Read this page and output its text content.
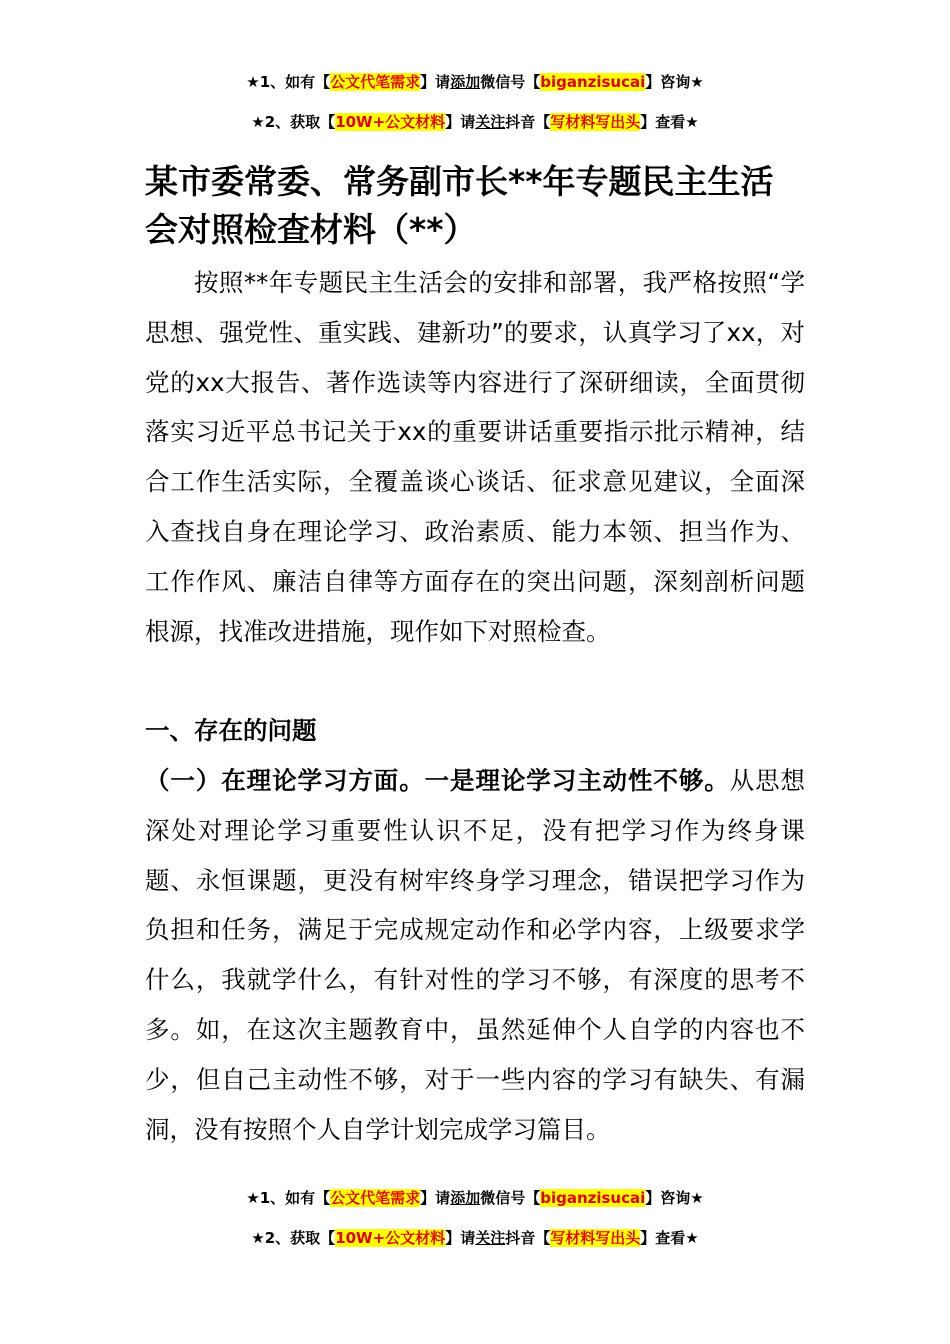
★1、如有【公文代笔需求】请添加微信号【biganzisucai】咨询★
★2、获取【10W+公文材料】请关注抖音【写材料写出头】查看★
某市委常委、常务副市长**年专题民主生活会对照检查材料（**）

按照**年专题民主生活会的安排和部署，我严格按照“学思想、强党性、重实践、建新功”的要求，认真学习了xx，对党的xx大报告、著作选读等内容进行了深研细读，全面贯彻落实习近平总书记关于xx的重要讲话重要指示批示精神，结合工作生活实际，全覆盖谈心谈话、征求意见建议，全面深入查找自身在理论学习、政治素质、能力本领、担当作为、工作作风、廉洁自律等方面存在的突出问题，深刻剖析问题根源，找准改进措施，现作如下对照检查。

一、存在的问题

（一）在理论学习方面。一是理论学习主动性不够。从思想深处对理论学习重要性认识不足，没有把学习作为终身课题、永恒课题，更没有树牢终身学习理念，错误把学习作为负担和任务，满足于完成规定动作和必学内容，上级要求学什么，我就学什么，有针对性的学习不够，有深度的思考不多。如，在这次主题教育中，虽然延伸个人自学的内容也不少，但自己主动性不够，对于一些内容的学习有缺失、有漏洞，没有按照个人自学计划完成学习篇目。

★1、如有【公文代笔需求】请添加微信号【biganzisucai】咨询★
★2、获取【10W+公文材料】请关注抖音【写材料写出头】查看★
